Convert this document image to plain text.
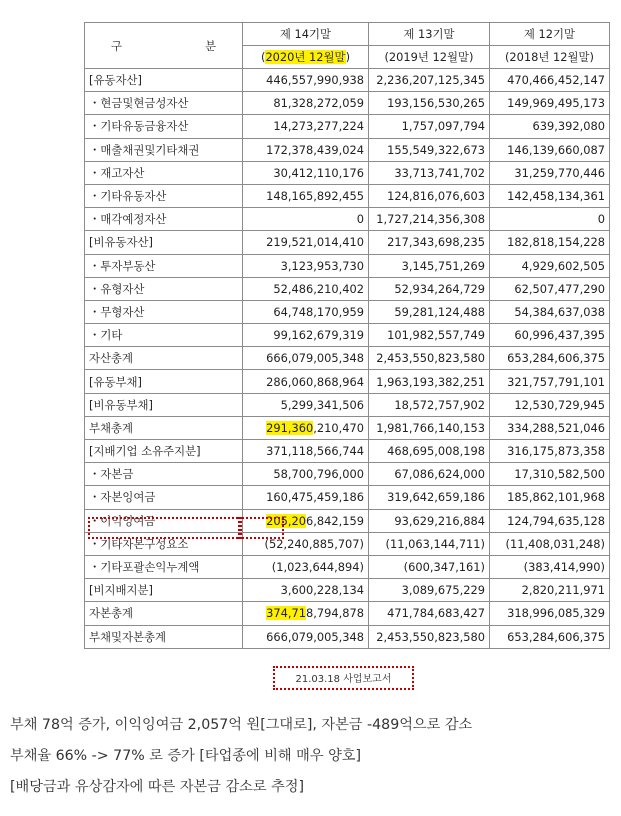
구 분	제 14기말	제 13기말	제 12기말
	(2020년 12월말)	(2019년 12월말)	(2018년 12월말)
[유동자산]	446,557,990,938	2,236,207,125,345	470,466,452,147
・현금및현금성자산	81,328,272,059	193,156,530,265	149,969,495,173
・기타유동금융자산	14,273,277,224	1,757,097,794	639,392,080
・매출채권및기타채권	172,378,439,024	155,549,322,673	146,139,660,087
・재고자산	30,412,110,176	33,713,741,702	31,259,770,446
・기타유동자산	148,165,892,455	124,816,076,603	142,458,134,361
・매각예정자산	0	1,727,214,356,308	0
[비유동자산]	219,521,014,410	217,343,698,235	182,818,154,228
・투자부동산	3,123,953,730	3,145,751,269	4,929,602,505
・유형자산	52,486,210,402	52,934,264,729	62,507,477,290
・무형자산	64,748,170,959	59,281,124,488	54,384,637,038
・기타	99,162,679,319	101,982,557,749	60,996,437,395
자산총계	666,079,005,348	2,453,550,823,580	653,284,606,375
[유동부채]	286,060,868,964	1,963,193,382,251	321,757,791,101
[비유동부채]	5,299,341,506	18,572,757,902	12,530,729,945
부채총계	291,360,210,470	1,981,766,140,153	334,288,521,046
[지배기업 소유주지분]	371,118,566,744	468,695,008,198	316,175,873,358
・자본금	58,700,796,000	67,086,624,000	17,310,582,500
・자본잉여금	160,475,459,186	319,642,659,186	185,862,101,968
・이익잉여금	205,206,842,159	93,629,216,884	124,794,635,128
・기타자본구성요소	(52,240,885,707)	(11,063,144,711)	(11,408,031,248)
・기타포괄손익누계액	(1,023,644,894)	(600,347,161)	(383,414,990)
[비지배지분]	3,600,228,134	3,089,675,229	2,820,211,971
자본총계	374,718,794,878	471,784,683,427	318,996,085,329
부채및자본총계	666,079,005,348	2,453,550,823,580	653,284,606,375
21.03.18 사업보고서

부채 78억 증가, 이익잉여금 2,057억 원[그대로], 자본금 -489억으로 감소

부채율 66% -> 77% 로 증가 [타업종에 비해 매우 양호]

[배당금과 유상감자에 따른 자본금 감소로 추정]
